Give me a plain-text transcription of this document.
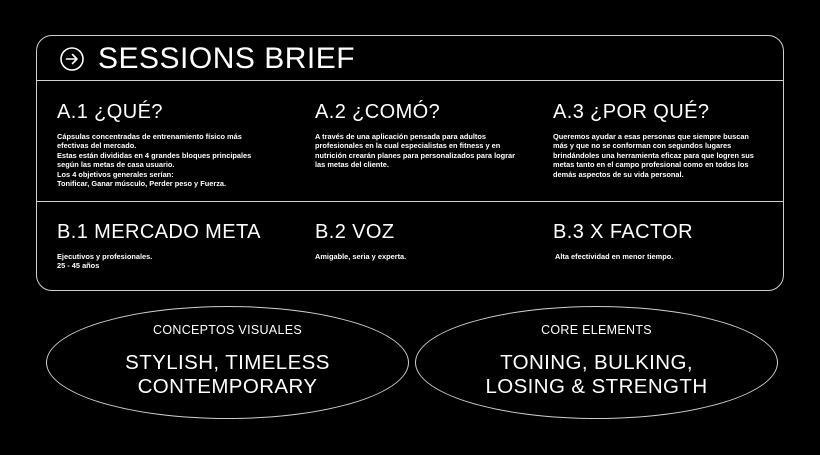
SESSIONS BRIEF
A.1 ¿QUÉ?

Cápsulas concentradas de entrenamiento físico más
efectivas del mercado.
Estas están divididas en 4 grandes bloques principales
según las metas de casa usuario.
Los 4 objetivos generales serían:
Tonificar, Ganar músculo, Perder peso y Fuerza.

A.2 ¿COMÓ?

A través de una aplicación pensada para adultos
profesionales en la cual especialistas en fitness y en
nutrición crearán planes para personalizados para lograr
las metas del cliente.

A.3 ¿POR QUÉ?

Queremos ayudar a esas personas que siempre buscan
más y que no se conforman con segundos lugares
brindándoles una herramienta eficaz para que logren sus
metas tanto en el campo profesional como en todos los
demás aspectos de su vida personal.

B.1 MERCADO META

Ejecutivos y profesionales.
25 - 45 años

B.2 VOZ

Amigable, seria y experta.

B.3 X FACTOR

Alta efectividad en menor tiempo.

CONCEPTOS VISUALES
STYLISH, TIMELESS
CONTEMPORARY
CORE ELEMENTS
TONING, BULKING,
LOSING & STRENGTH
